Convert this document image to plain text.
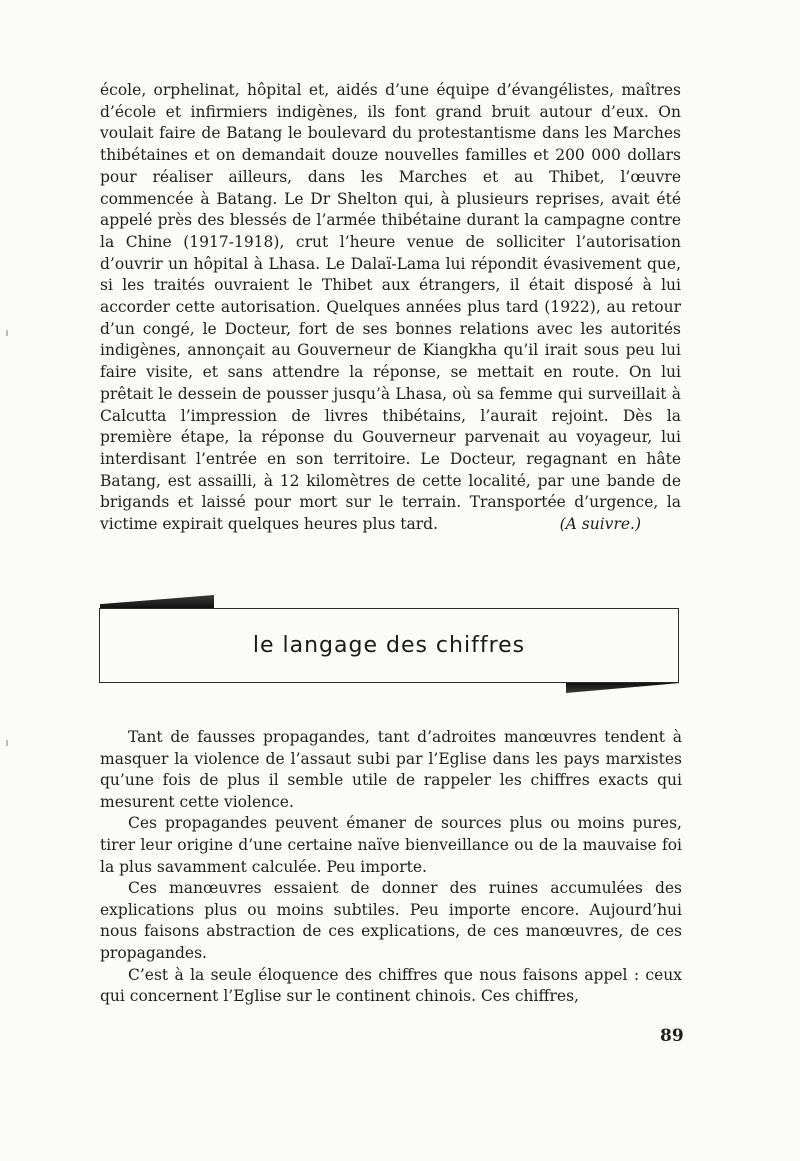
école, orphelinat, hôpital et, aidés d’une équipe d’évangélistes, maîtres d’école et infirmiers indigènes, ils font grand bruit autour d’eux. On voulait faire de Batang le boulevard du protestantisme dans les Marches thibétaines et on demandait douze nouvelles familles et 200 000 dollars pour réaliser ailleurs, dans les Marches et au Thibet, l’œuvre commencée à Batang. Le Dr Shelton qui, à plusieurs reprises, avait été appelé près des blessés de l’armée thibétaine durant la campagne contre la Chine (1917-1918), crut l’heure venue de solliciter l’autorisation d’ouvrir un hôpital à Lhasa. Le Dalaï-Lama lui répondit évasivement que, si les traités ouvraient le Thibet aux étrangers, il était disposé à lui accorder cette autorisation. Quelques années plus tard (1922), au retour d’un congé, le Docteur, fort de ses bonnes relations avec les autorités indigènes, annonçait au Gouverneur de Kiangkha qu’il irait sous peu lui faire visite, et sans attendre la réponse, se mettait en route. On lui prêtait le dessein de pousser jusqu’à Lhasa, où sa femme qui surveillait à Calcutta l’impression de livres thibétains, l’aurait rejoint. Dès la première étape, la réponse du Gouverneur parvenait au voyageur, lui interdisant l’entrée en son territoire. Le Docteur, regagnant en hâte Batang, est assailli, à 12 kilomètres de cette localité, par une bande de brigands et laissé pour mort sur le terrain. Transportée d’urgence, la victime expirait quelques heures plus tard.	(A suivre.)
le langage des chiffres

Tant de fausses propagandes, tant d’adroites manœuvres tendent à masquer la violence de l’assaut subi par l’Eglise dans les pays marxistes qu’une fois de plus il semble utile de rappeler les chiffres exacts qui mesurent cette violence.

Ces propagandes peuvent émaner de sources plus ou moins pures, tirer leur origine d’une certaine naïve bienveillance ou de la mauvaise foi la plus savamment calculée. Peu importe.

Ces manœuvres essaient de donner des ruines accumulées des explications plus ou moins subtiles. Peu importe encore. Aujourd’hui nous faisons abstraction de ces explications, de ces manœuvres, de ces propagandes.

C’est à la seule éloquence des chiffres que nous faisons appel : ceux qui concernent l’Eglise sur le continent chinois. Ces chiffres,

89
